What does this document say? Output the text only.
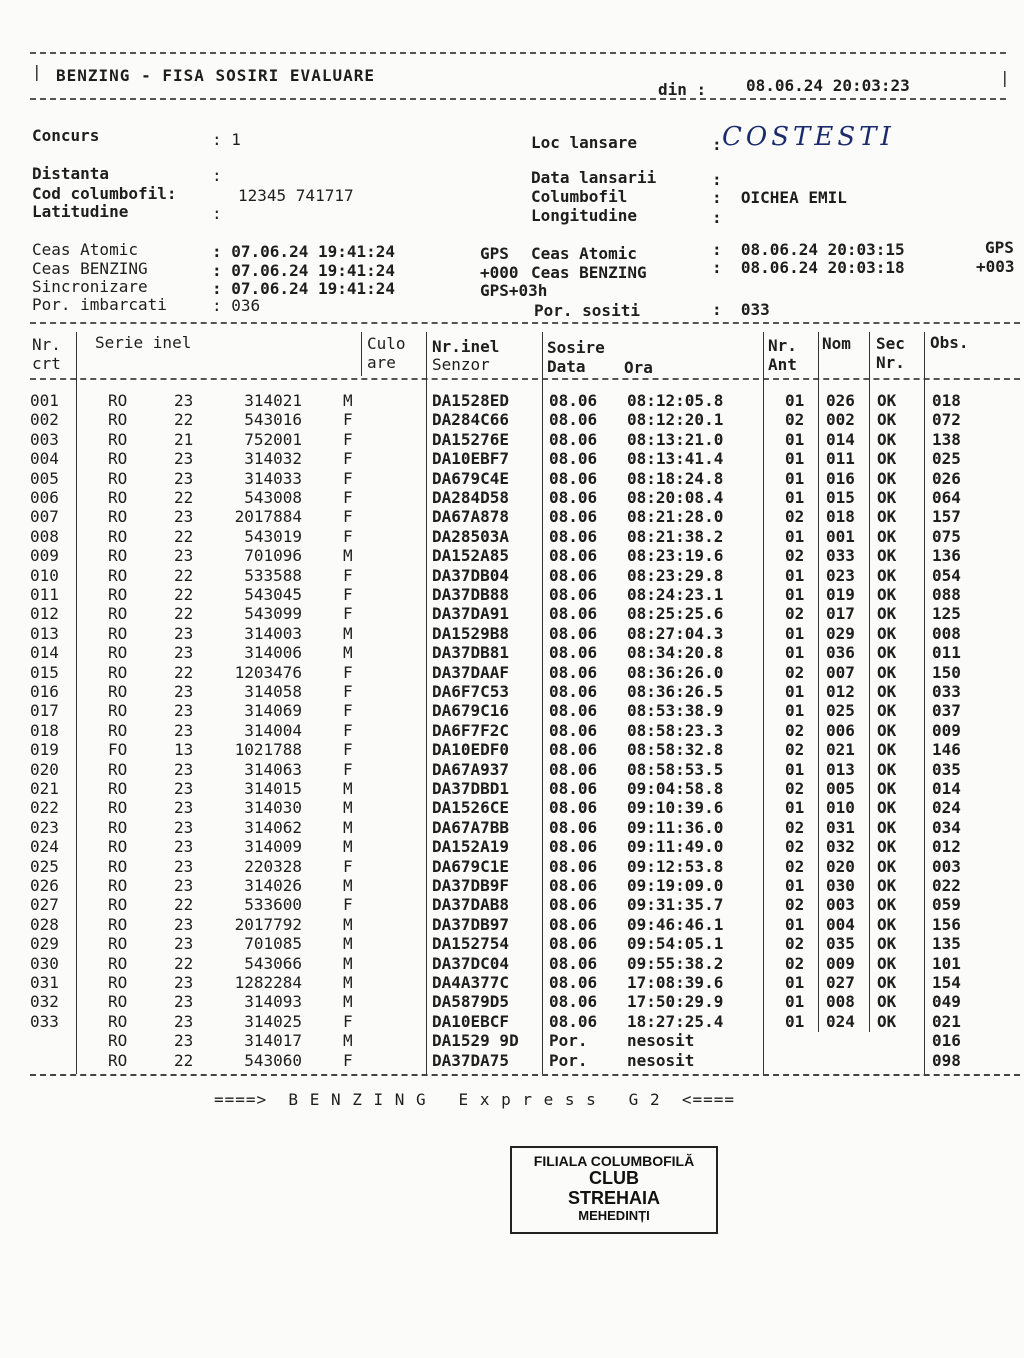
| BENZING - FISA SOSIRI EVALUARE
din : 08.06.24 20:03:23	|
Concurs	: 1
Distanta	:
Cod columbofil:	12345 741717
Latitudine	:
Loc lansare	: COSTESTI
Data lansarii	:
Columbofil	:  OICHEA EMIL
Longitudine	:
Ceas Atomic	: 07.06.24 19:41:24	GPS
Ceas BENZING	: 07.06.24 19:41:24	+000
Sincronizare	: 07.06.24 19:41:24	GPS+03h
Por. imbarcati	: 036
Ceas Atomic	:  08.06.24 20:03:15	GPS
Ceas BENZING	:  08.06.24 20:03:18	+003
Por. sositi	:  033
Nr.
crt
Serie inel	Culo
are
Nr.inel
Senzor
Sosire
Data Ora
Nr.
Ant
Nom Sec
Nr.
Obs.
001	RO	23	314021	M	DA1528ED 08.06 08:12:05.8	01 026 OK 018
002	RO	22	543016	F	DA284C66 08.06 08:12:20.1	02 002 OK 072
003	RO	21	752001	F	DA15276E 08.06 08:13:21.0	01 014 OK 138
004	RO	23	314032	F	DA10EBF7 08.06 08:13:41.4	01 011 OK 025
005	RO	23	314033	F	DA679C4E 08.06 08:18:24.8	01 016 OK 026
006	RO	22	543008	F	DA284D58 08.06 08:20:08.4	01 015 OK 064
007	RO	23	2017884	F	DA67A878 08.06 08:21:28.0	02 018 OK 157
008	RO	22	543019	F	DA28503A 08.06 08:21:38.2	01 001 OK 075
009	RO	23	701096	M	DA152A85 08.06 08:23:19.6	02 033 OK 136
010	RO	22	533588	F	DA37DB04 08.06 08:23:29.8	01 023 OK 054
011	RO	22	543045	F	DA37DB88 08.06 08:24:23.1	01 019 OK 088
012	RO	22	543099	F	DA37DA91 08.06 08:25:25.6	02 017 OK 125
013	RO	23	314003	M	DA1529B8 08.06 08:27:04.3	01 029 OK 008
014	RO	23	314006	M	DA37DB81 08.06 08:34:20.8	01 036 OK 011
015	RO	22	1203476	F	DA37DAAF 08.06 08:36:26.0	02 007 OK 150
016	RO	23	314058	F	DA6F7C53 08.06 08:36:26.5	01 012 OK 033
017	RO	23	314069	F	DA679C16 08.06 08:53:38.9	01 025 OK 037
018	RO	23	314004	F	DA6F7F2C 08.06 08:58:23.3	02 006 OK 009
019	FO	13	1021788	F	DA10EDF0 08.06 08:58:32.8	02 021 OK 146
020	RO	23	314063	F	DA67A937 08.06 08:58:53.5	01 013 OK 035
021	RO	23	314015	M	DA37DBD1 08.06 09:04:58.8	02 005 OK 014
022	RO	23	314030	M	DA1526CE 08.06 09:10:39.6	01 010 OK 024
023	RO	23	314062	M	DA67A7BB 08.06 09:11:36.0	02 031 OK 034
024	RO	23	314009	M	DA152A19 08.06 09:11:49.0	02 032 OK 012
025	RO	23	220328	F	DA679C1E 08.06 09:12:53.8	02 020 OK 003
026	RO	23	314026	M	DA37DB9F 08.06 09:19:09.0	01 030 OK 022
027	RO	22	533600	F	DA37DAB8 08.06 09:31:35.7	02 003 OK 059
028	RO	23	2017792	M	DA37DB97 08.06 09:46:46.1	01 004 OK 156
029	RO	23	701085	M	DA152754 08.06 09:54:05.1	02 035 OK 135
030	RO	22	543066	M	DA37DC04 08.06 09:55:38.2	02 009 OK 101
031	RO	23	1282284	M	DA4A377C 08.06 17:08:39.6	01 027 OK 154
032	RO	23	314093	M	DA5879D5 08.06 17:50:29.9	01 008 OK 049
033	RO	23	314025	F	DA10EBCF 08.06 18:27:25.4	01 024 OK 021
RO	23	314017	M	DA1529 9D Por. nesosit	016
RO	22	543060	F	DA37DA75 Por. nesosit	098
====>  B E N Z I N G   E x p r e s s   G 2  <====
FILIALA COLUMBOFILĂ
CLUB
STREHAIA
MEHEDINȚI
